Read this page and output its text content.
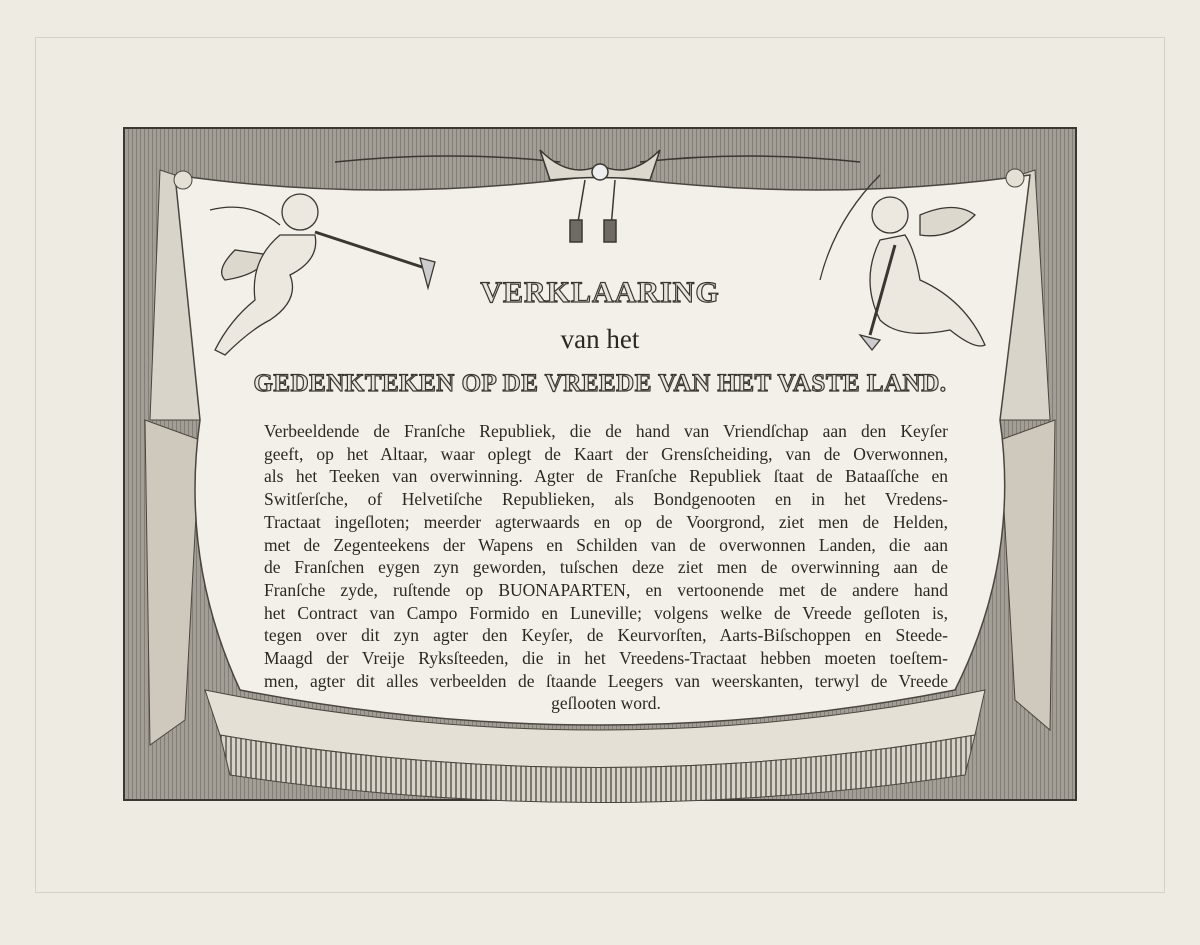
VERKLAARING
van het
GEDENKTEKEN OP DE VREEDE VAN HET VASTE LAND.
Verbeeldende de Franſche Republiek, die de hand van Vriendſchap aan den Keyſer
geeft, op het Altaar, waar oplegt de Kaart der Grensſcheiding, van de Overwonnen,
als het Teeken van overwinning. Agter de Franſche Republiek ſtaat de Bataaſſche en
Switſerſche, of Helvetiſche Republieken, als Bondgenooten en in het Vredens-
Tractaat ingeſloten; meerder agterwaards en op de Voorgrond, ziet men de Helden,
met de Zegenteekens der Wapens en Schilden van de overwonnen Landen, die aan
de Franſchen eygen zyn geworden, tuſschen deze ziet men de overwinning aan de
Franſche zyde, ruſtende op BUONAPARTEN, en vertoonende met de andere hand
het Contract van Campo Formido en Luneville; volgens welke de Vreede geſloten is,
tegen over dit zyn agter den Keyſer, de Keurvorſten, Aarts-Biſschoppen en Steede-
Maagd der Vreije Ryksſteeden, die in het Vreedens-Tractaat hebben moeten toeſtem-
men, agter dit alles verbeelden de ſtaande Leegers van weerskanten, terwyl de Vreede
geſlooten word.
